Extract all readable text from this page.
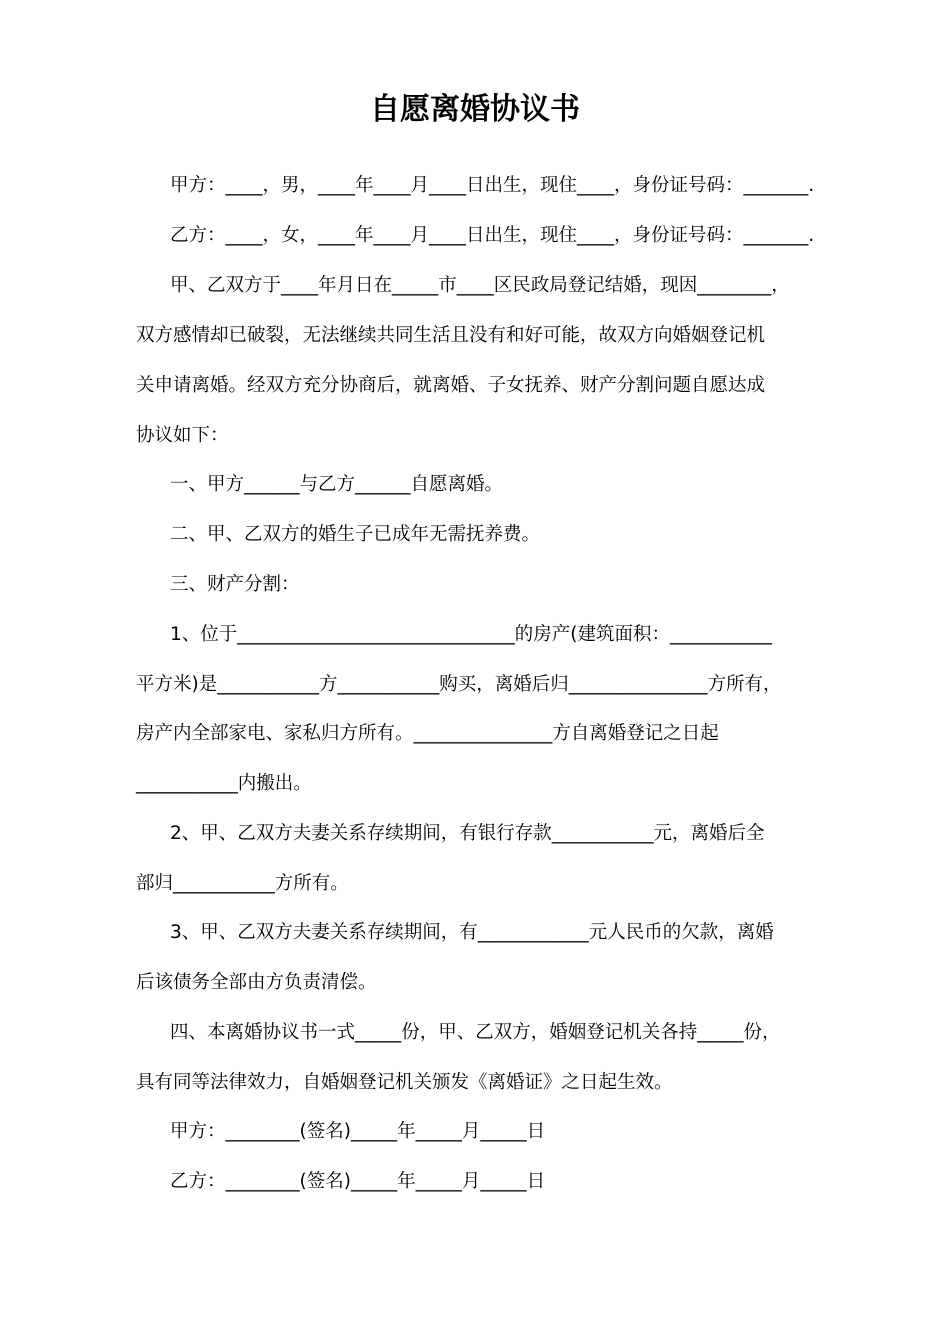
自愿离婚协议书

甲方：____，男，____年____月____日出生，现住____，身份证号码：_______.

乙方：____，女，____年____月____日出生，现住____，身份证号码：_______.

甲、乙双方于____年月日在_____市____区民政局登记结婚，现因________，

双方感情却已破裂，无法继续共同生活且没有和好可能，故双方向婚姻登记机

关申请离婚。经双方充分协商后，就离婚、子女抚养、财产分割问题自愿达成

协议如下：

一、甲方______与乙方______自愿离婚。

二、甲、乙双方的婚生子已成年无需抚养费。

三、财产分割：

1、位于______________________________的房产(建筑面积：___________

平方米)是___________方___________购买，离婚后归_______________方所有，

房产内全部家电、家私归方所有。_______________方自离婚登记之日起

___________内搬出。

2、甲、乙双方夫妻关系存续期间，有银行存款___________元，离婚后全

部归___________方所有。

3、甲、乙双方夫妻关系存续期间，有____________元人民币的欠款，离婚

后该债务全部由方负责清偿。

四、本离婚协议书一式_____份，甲、乙双方，婚姻登记机关各持_____份，

具有同等法律效力，自婚姻登记机关颁发《离婚证》之日起生效。

甲方：________(签名)_____年_____月_____日

乙方：________(签名)_____年_____月_____日
